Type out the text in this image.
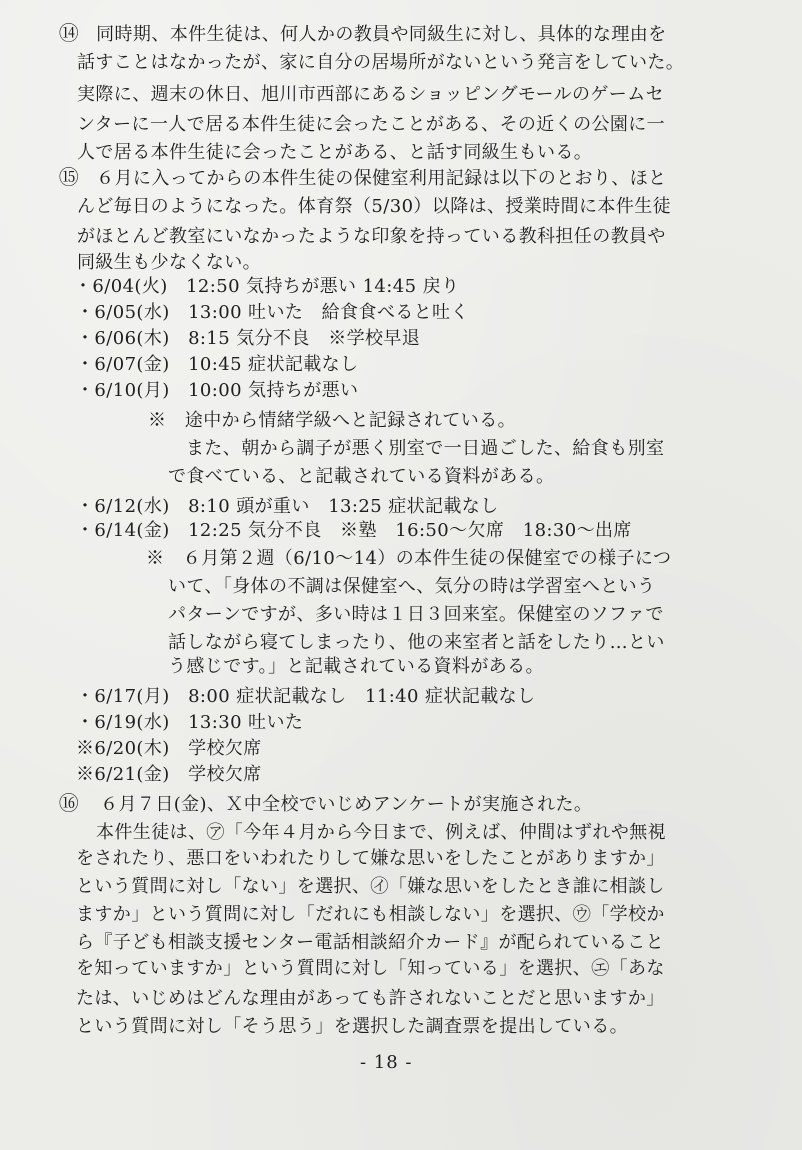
⑭ 同時期、本件生徒は、何人かの教員や同級生に対し、具体的な理由を
話すことはなかったが、家に自分の居場所がないという発言をしていた。
実際に、週末の休日、旭川市西部にあるショッピングモールのゲームセ
ンターに一人で居る本件生徒に会ったことがある、その近くの公園に一
人で居る本件生徒に会ったことがある、と話す同級生もいる。
⑮ ６月に入ってからの本件生徒の保健室利用記録は以下のとおり、ほと
んど毎日のようになった。体育祭（5/30）以降は、授業時間に本件生徒
がほとんど教室にいなかったような印象を持っている教科担任の教員や
同級生も少なくない。
・6/04(火)　12:50 気持ちが悪い 14:45 戻り
・6/05(水)　13:00 吐いた　給食食べると吐く
・6/06(木)　8:15 気分不良　※学校早退
・6/07(金)　10:45 症状記載なし
・6/10(月)　10:00 気持ちが悪い
※　途中から情緒学級へと記録されている。
また、朝から調子が悪く別室で一日過ごした、給食も別室
で食べている、と記載されている資料がある。
・6/12(水)　8:10 頭が重い　13:25 症状記載なし
・6/14(金)　12:25 気分不良　※塾　16:50～欠席　18:30～出席
※　６月第２週（6/10～14）の本件生徒の保健室での様子につ
いて、「身体の不調は保健室へ、気分の時は学習室へという
パターンですが、多い時は１日３回来室。保健室のソファで
話しながら寝てしまったり、他の来室者と話をしたり…とい
う感じです。」と記載されている資料がある。
・6/17(月)　8:00 症状記載なし　11:40 症状記載なし
・6/19(水)　13:30 吐いた
※6/20(木)　学校欠席
※6/21(金)　学校欠席
⑯ ６月７日(金)、Ｘ中全校でいじめアンケートが実施された。
本件生徒は、㋐「今年４月から今日まで、例えば、仲間はずれや無視
をされたり、悪口をいわれたりして嫌な思いをしたことがありますか」
という質問に対し「ない」を選択、㋑「嫌な思いをしたとき誰に相談し
ますか」という質問に対し「だれにも相談しない」を選択、㋒「学校か
ら『子ども相談支援センター電話相談紹介カード』が配られていること
を知っていますか」という質問に対し「知っている」を選択、㋓「あな
たは、いじめはどんな理由があっても許されないことだと思いますか」
という質問に対し「そう思う」を選択した調査票を提出している。
- 18 -
